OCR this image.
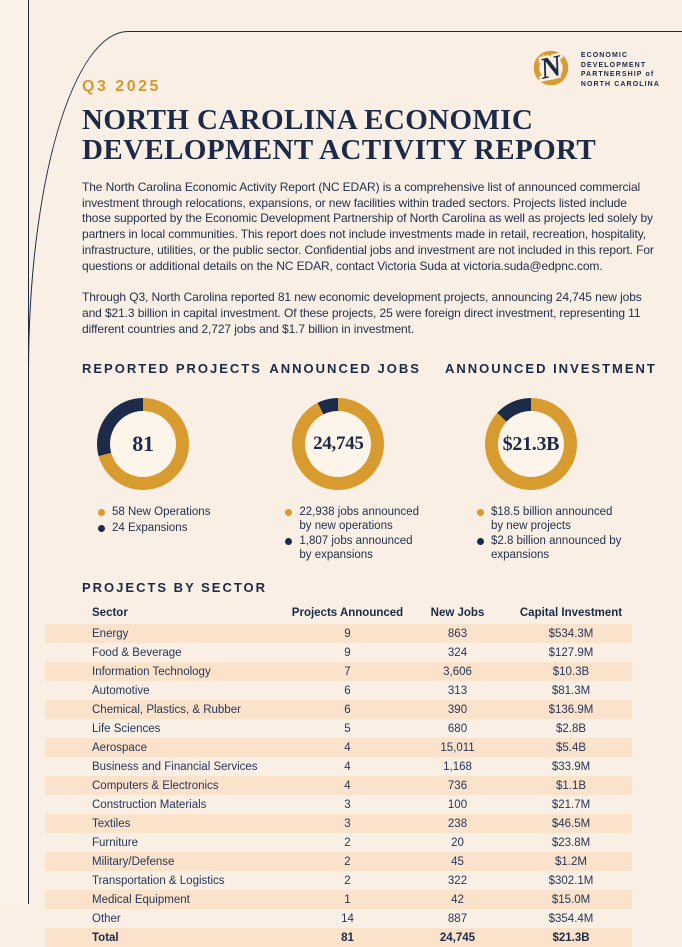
N ECONOMIC
DEVELOPMENT
PARTNERSHIP of
NORTH CAROLINA
Q3 2025
NORTH CAROLINA ECONOMIC
DEVELOPMENT ACTIVITY REPORT
The North Carolina Economic Activity Report (NC EDAR) is a comprehensive list of announced commercial investment through relocations, expansions, or new facilities within traded sectors. Projects listed include those supported by the Economic Development Partnership of North Carolina as well as projects led solely by partners in local communities. This report does not include investments made in retail, recreation, hospitality, infrastructure, utilities, or the public sector. Confidential jobs and investment are not included in this report. For questions or additional details on the NC EDAR, contact Victoria Suda at victoria.suda@edpnc.com.
Through Q3, North Carolina reported 81 new economic development projects, announcing 24,745 new jobs and $21.3 billion in capital investment. Of these projects, 25 were foreign direct investment, representing 11 different countries and 2,727 jobs and $1.7 billion in investment.
REPORTED PROJECTS
81
58 New Operations
24 Expansions
ANNOUNCED JOBS
24,745
22,938 jobs announced by new operations
1,807 jobs announced by expansions
ANNOUNCED INVESTMENT
$21.3B
$18.5 billion announced by new projects
$2.8 billion announced by expansions
PROJECTS BY SECTOR
Sector	Projects Announced	New Jobs	Capital Investment
Energy	9	863	$534.3M
Food & Beverage	9	324	$127.9M
Information Technology	7	3,606	$10.3B
Automotive	6	313	$81.3M
Chemical, Plastics, & Rubber	6	390	$136.9M
Life Sciences	5	680	$2.8B
Aerospace	4	15,011	$5.4B
Business and Financial Services	4	1,168	$33.9M
Computers & Electronics	4	736	$1.1B
Construction Materials	3	100	$21.7M
Textiles	3	238	$46.5M
Furniture	2	20	$23.8M
Military/Defense	2	45	$1.2M
Transportation & Logistics	2	322	$302.1M
Medical Equipment	1	42	$15.0M
Other	14	887	$354.4M
Total	81	24,745	$21.3B
